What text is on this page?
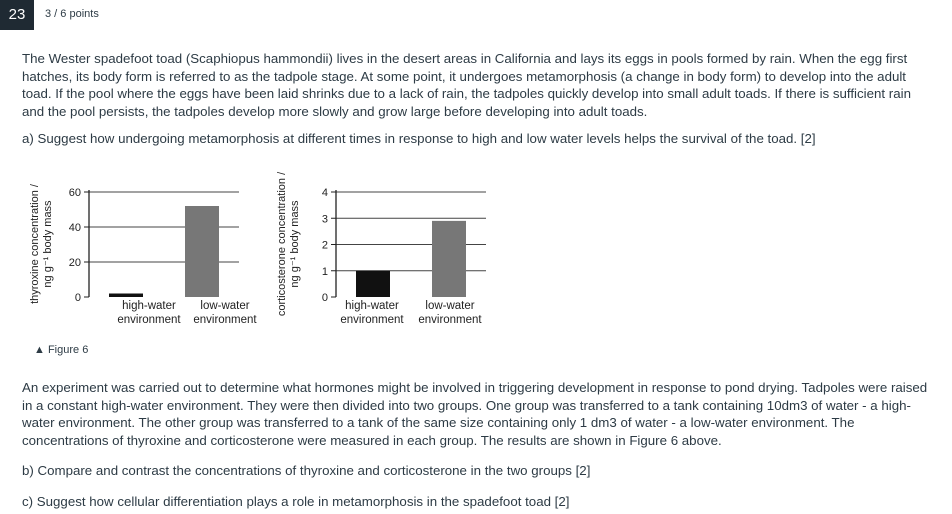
23	3 / 6 points

The Wester spadefoot toad (Scaphiopus hammondii) lives in the desert areas in California and lays its eggs in pools formed by rain. When the egg first hatches, its body form is referred to as the tadpole stage. At some point, it undergoes metamorphosis (a change in body form) to develop into the adult toad. If the pool where the eggs have been laid shrinks due to a lack of rain, the tadpoles quickly develop into small adult toads. If there is sufficient rain and the pool persists, the tadpoles develop more slowly and grow large before developing into adult toads.

a) Suggest how undergoing metamorphosis at different times in response to high and low water levels helps the survival of the toad. [2]

0
20
40
60
high-water
environment
low-water
environment
thyroxine concentration / ng g⁻¹ body mass
0
1
2
3
4
high-water
environment
low-water
environment
corticosterone concentration / ng g⁻¹ body mass
▲ Figure 6

An experiment was carried out to determine what hormones might be involved in triggering development in response to pond drying. Tadpoles were raised in a constant high-water environment. They were then divided into two groups. One group was transferred to a tank containing 10dm3 of water - a high-water environment. The other group was transferred to a tank of the same size containing only 1 dm3 of water - a low-water environment. The concentrations of thyroxine and corticosterone were measured in each group. The results are shown in Figure 6 above.

b) Compare and contrast the concentrations of thyroxine and corticosterone in the two groups [2]

c) Suggest how cellular differentiation plays a role in metamorphosis in the spadefoot toad [2]
